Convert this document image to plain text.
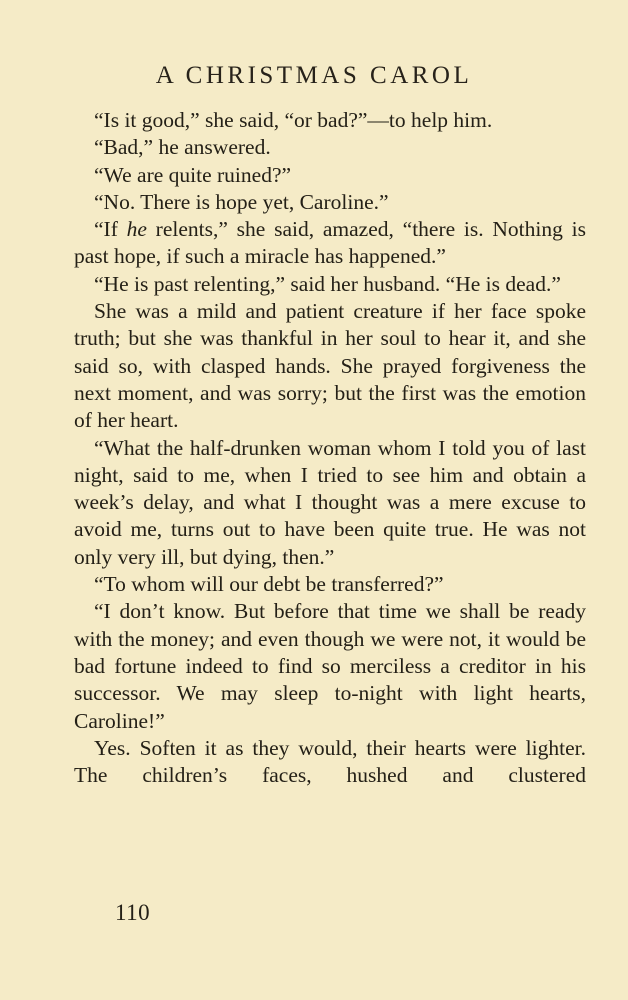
A CHRISTMAS CAROL

“Is it good,” she said, “or bad?”—to help him.

“Bad,” he answered.

“We are quite ruined?”

“No. There is hope yet, Caroline.”

“If he relents,” she said, amazed, “there is. Nothing is past hope, if such a miracle has happened.”

“He is past relenting,” said her husband. “He is dead.”

She was a mild and patient creature if her face spoke truth; but she was thankful in her soul to hear it, and she said so, with clasped hands. She prayed forgiveness the next moment, and was sorry; but the first was the emotion of her heart.

“What the half-drunken woman whom I told you of last night, said to me, when I tried to see him and obtain a week’s delay, and what I thought was a mere excuse to avoid me, turns out to have been quite true. He was not only very ill, but dying, then.”

“To whom will our debt be transferred?”

“I don’t know. But before that time we shall be ready with the money; and even though we were not, it would be bad fortune indeed to find so merciless a creditor in his successor. We may sleep to-night with light hearts, Caroline!”

Yes. Soften it as they would, their hearts were lighter. The children’s faces, hushed and clustered

110
